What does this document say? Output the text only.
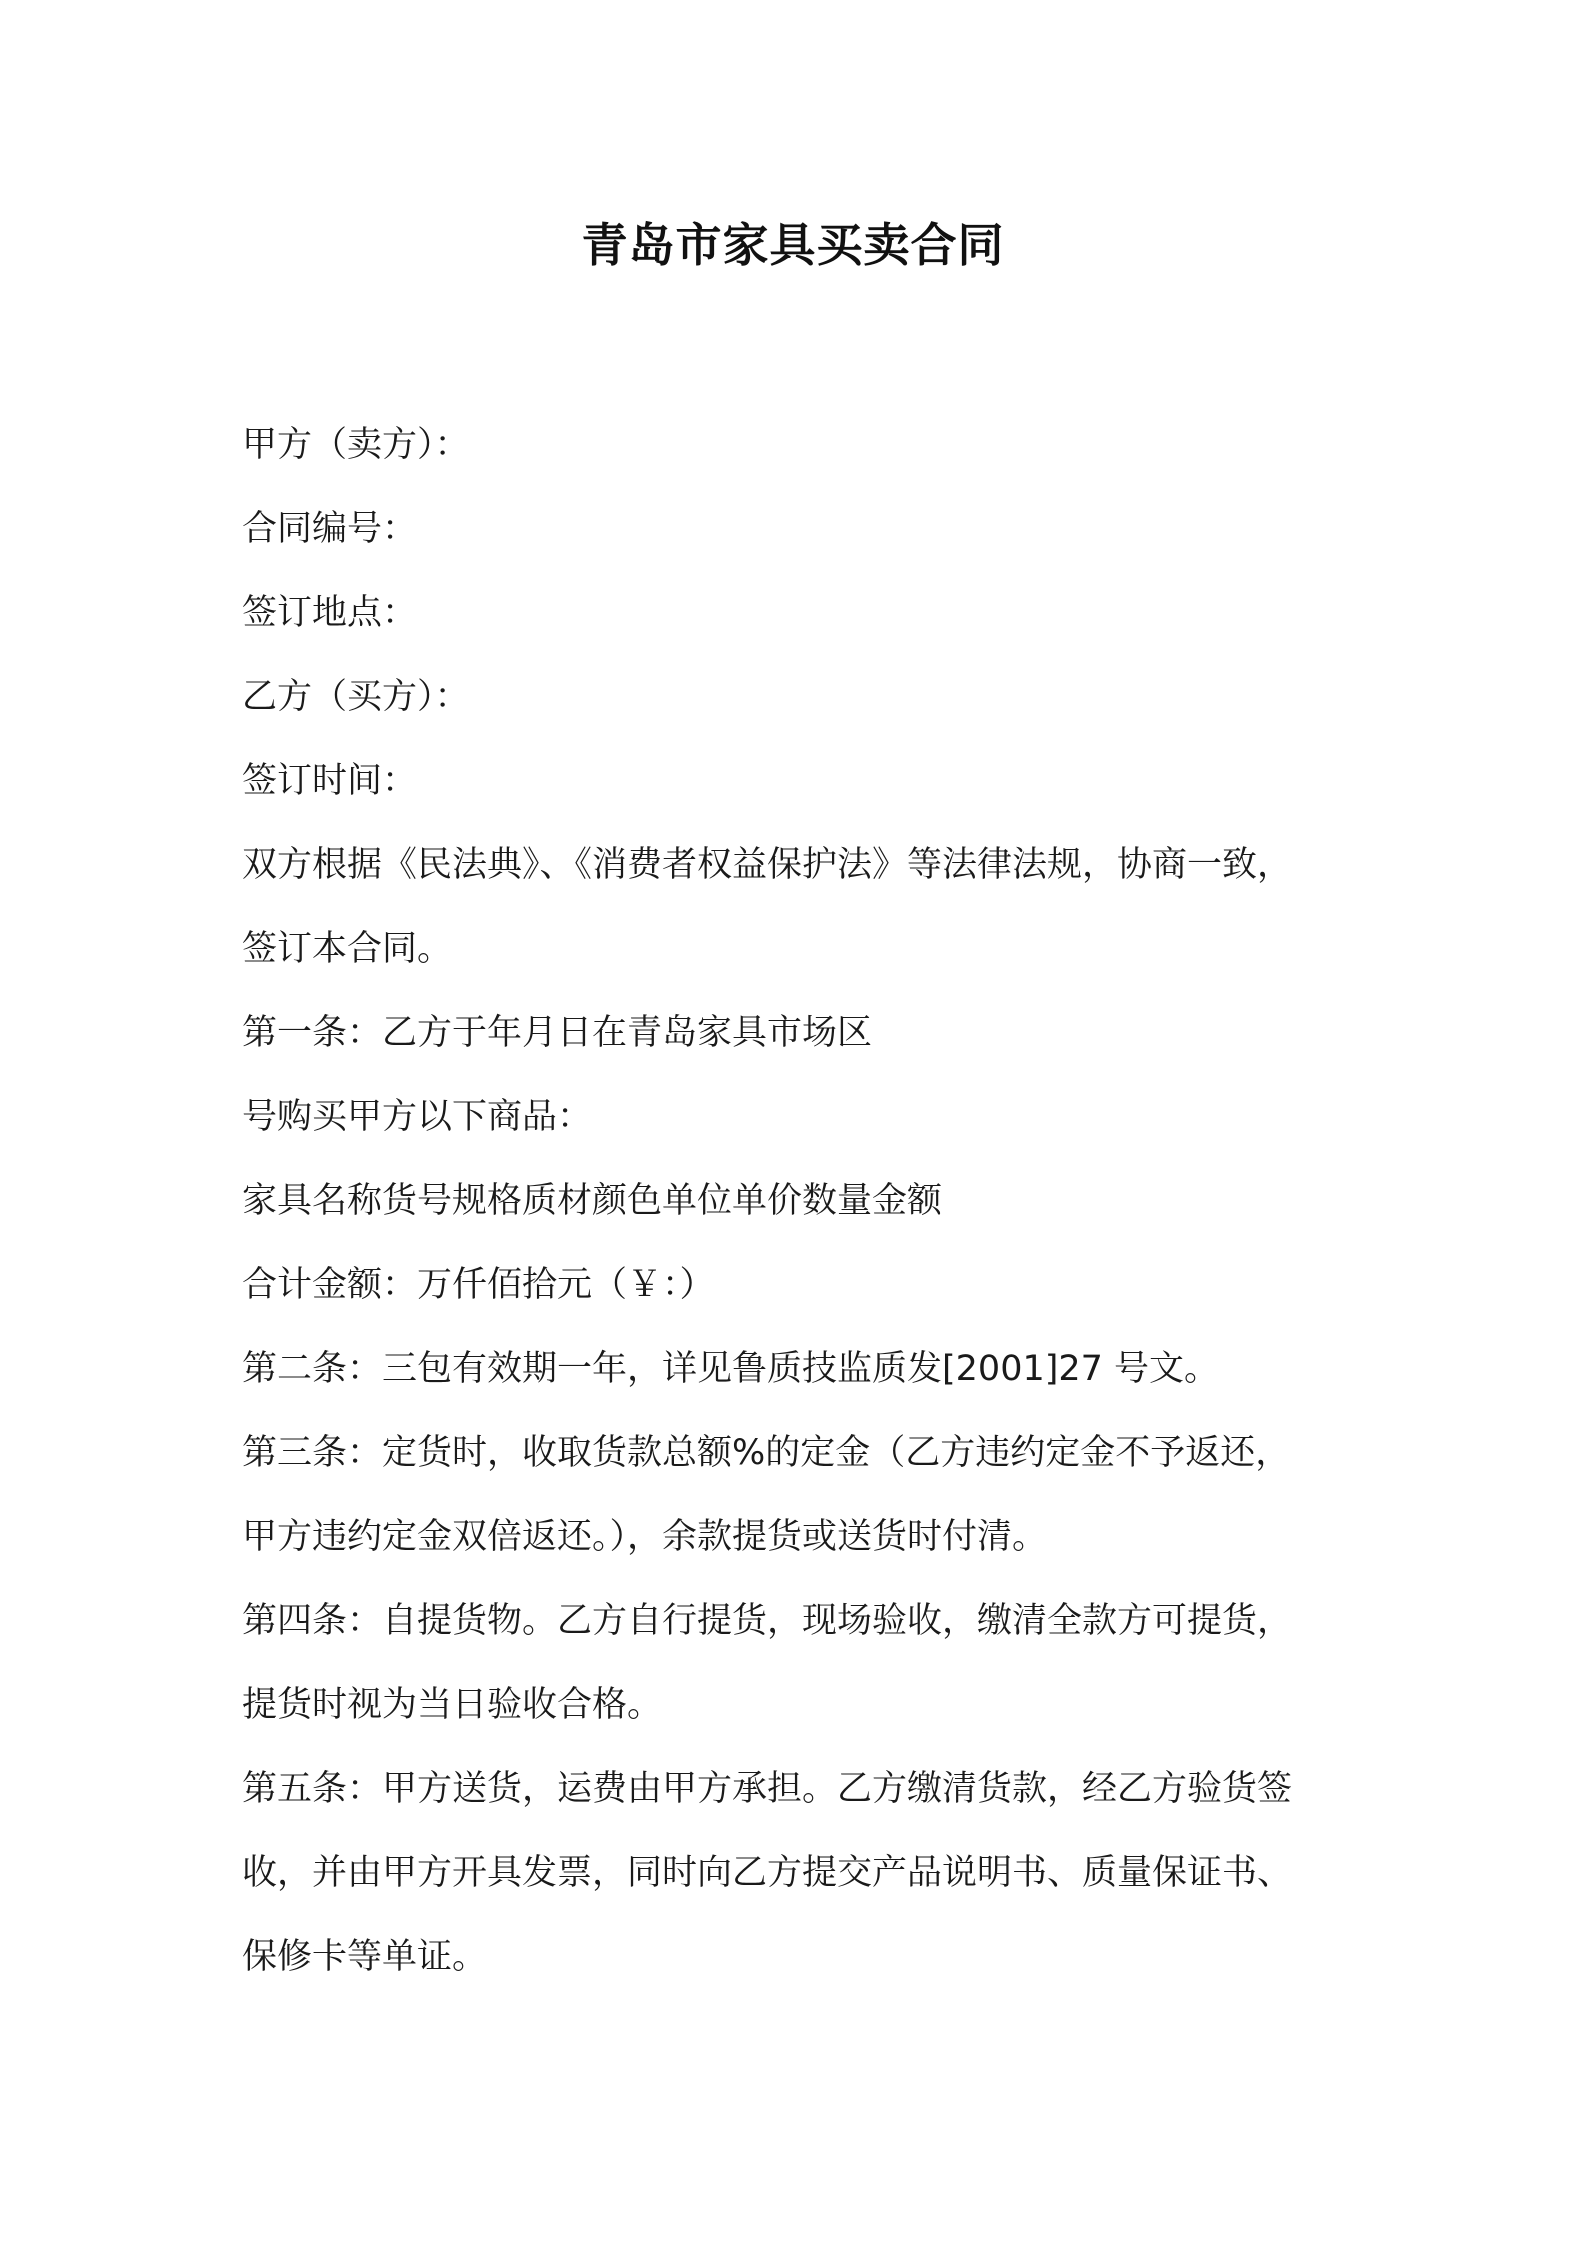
青岛市家具买卖合同
甲方（卖方）：
合同编号：
签订地点：
乙方（买方）：
签订时间：
双方根据《民法典》、《消费者权益保护法》等法律法规，协商一致，
签订本合同。
第一条：乙方于年月日在青岛家具市场区
号购买甲方以下商品：
家具名称货号规格质材颜色单位单价数量金额
合计金额：万仟佰拾元（￥：）
第二条：三包有效期一年，详见鲁质技监质发[2001]27 号文。
第三条：定货时，收取货款总额%的定金（乙方违约定金不予返还，
甲方违约定金双倍返还。），余款提货或送货时付清。
第四条：自提货物。乙方自行提货，现场验收，缴清全款方可提货，
提货时视为当日验收合格。
第五条：甲方送货，运费由甲方承担。乙方缴清货款，经乙方验货签
收，并由甲方开具发票，同时向乙方提交产品说明书、质量保证书、
保修卡等单证。
